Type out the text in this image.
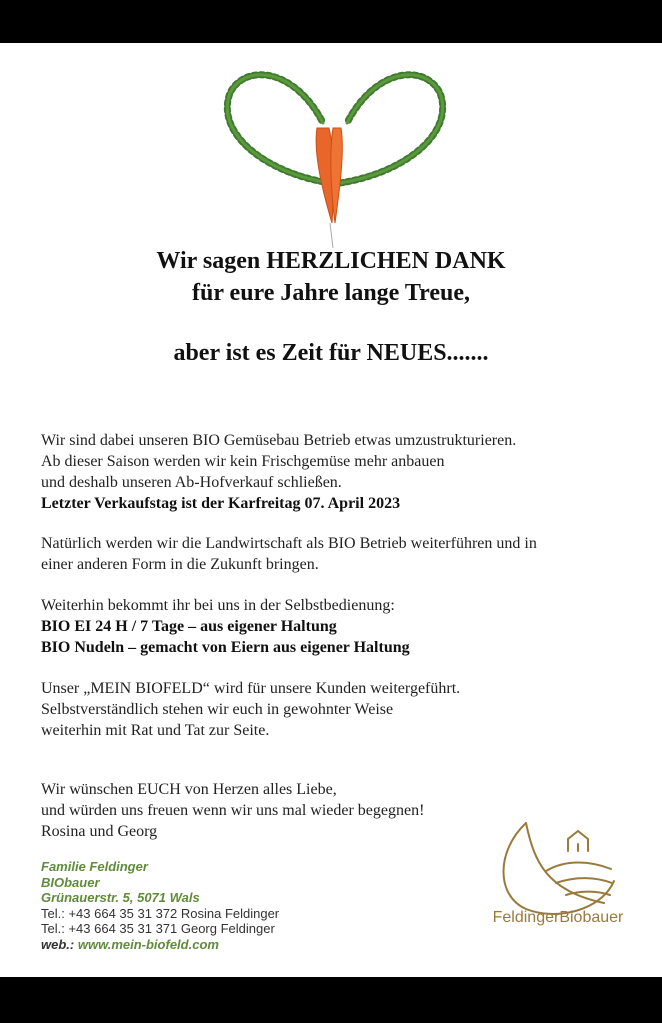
Wir sagen HERZLICHEN DANK
für eure Jahre lange Treue,
aber ist es Zeit für NEUES.......

Wir sind dabei unseren BIO Gemüsebau Betrieb etwas umzustrukturieren.

Ab dieser Saison werden wir kein Frischgemüse mehr anbauen

und deshalb unseren Ab-Hofverkauf schließen.

Letzter Verkaufstag ist der Karfreitag 07. April 2023

Natürlich werden wir die Landwirtschaft als BIO Betrieb weiterführen und in

einer anderen Form in die Zukunft bringen.

Weiterhin bekommt ihr bei uns in der Selbstbedienung:

BIO EI 24 H / 7 Tage – aus eigener Haltung

BIO Nudeln – gemacht von Eiern aus eigener Haltung

Unser „MEIN BIOFELD“ wird für unsere Kunden weitergeführt.

Selbstverständlich stehen wir euch in gewohnter Weise

weiterhin mit Rat und Tat zur Seite.

Wir wünschen EUCH von Herzen alles Liebe,

und würden uns freuen wenn wir uns mal wieder begegnen!

Rosina und Georg

Familie Feldinger
BIObauer
Grünauerstr. 5, 5071 Wals
Tel.: +43 664 35 31 372 Rosina Feldinger
Tel.: +43 664 35 31 371 Georg Feldinger
web.: www.mein-biofeld.com
FeldingerBiobauer
